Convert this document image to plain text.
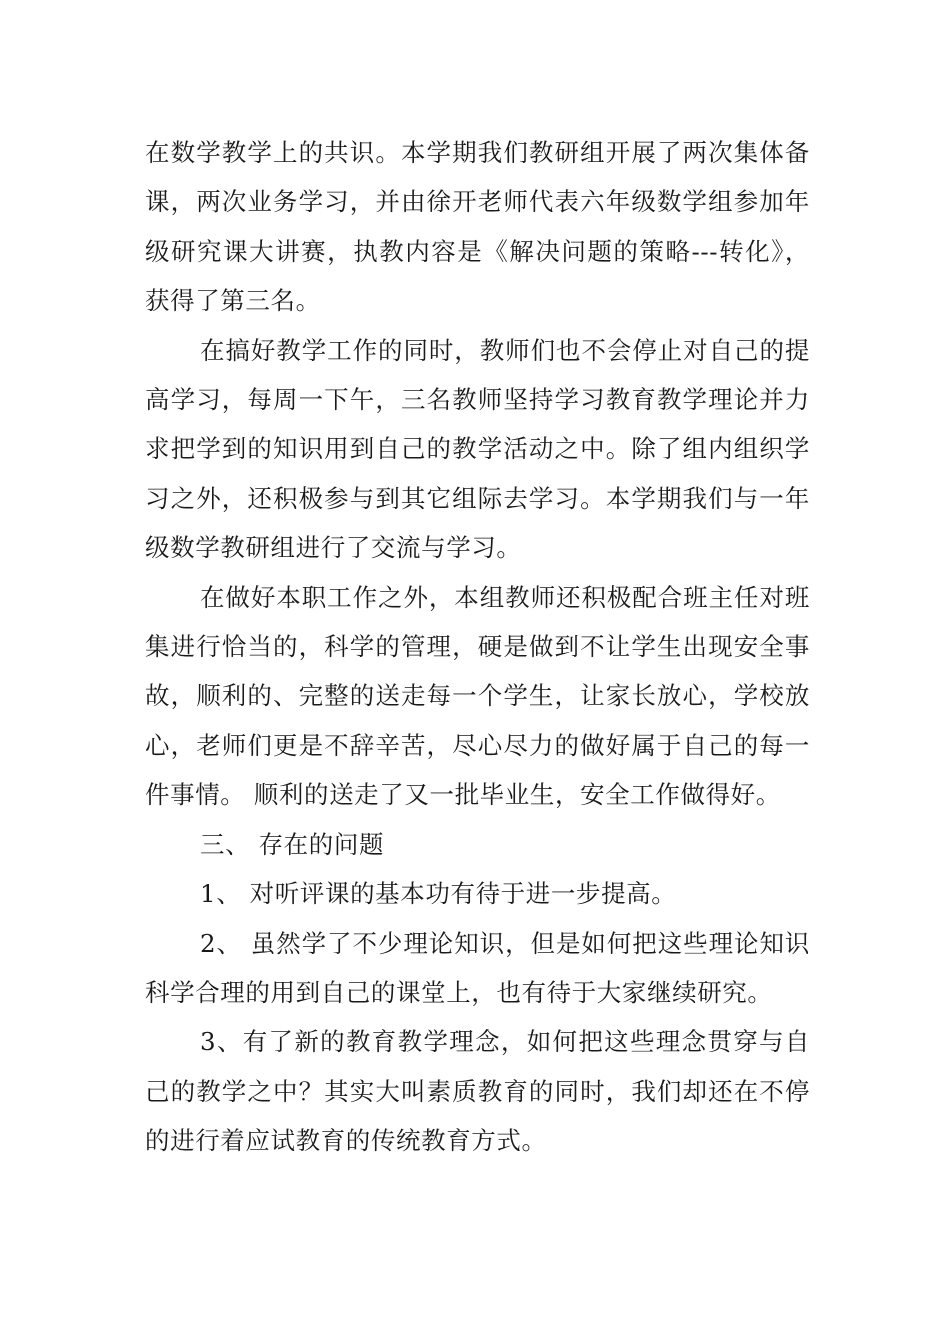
在数学教学上的共识。本学期我们教研组开展了两次集体备课，两次业务学习，并由徐开老师代表六年级数学组参加年级研究课大讲赛，执教内容是《解决问题的策略---转化》，获得了第三名。

在搞好教学工作的同时，教师们也不会停止对自己的提高学习，每周一下午，三名教师坚持学习教育教学理论并力求把学到的知识用到自己的教学活动之中。除了组内组织学习之外，还积极参与到其它组际去学习。本学期我们与一年级数学教研组进行了交流与学习。

在做好本职工作之外，本组教师还积极配合班主任对班集进行恰当的，科学的管理，硬是做到不让学生出现安全事故，顺利的、完整的送走每一个学生，让家长放心，学校放心，老师们更是不辞辛苦，尽心尽力的做好属于自己的每一件事情。 顺利的送走了又一批毕业生，安全工作做得好。

三、 存在的问题

1、 对听评课的基本功有待于进一步提高。

2、 虽然学了不少理论知识，但是如何把这些理论知识科学合理的用到自己的课堂上，也有待于大家继续研究。

3、有了新的教育教学理念，如何把这些理念贯穿与自己的教学之中？其实大叫素质教育的同时，我们却还在不停的进行着应试教育的传统教育方式。
